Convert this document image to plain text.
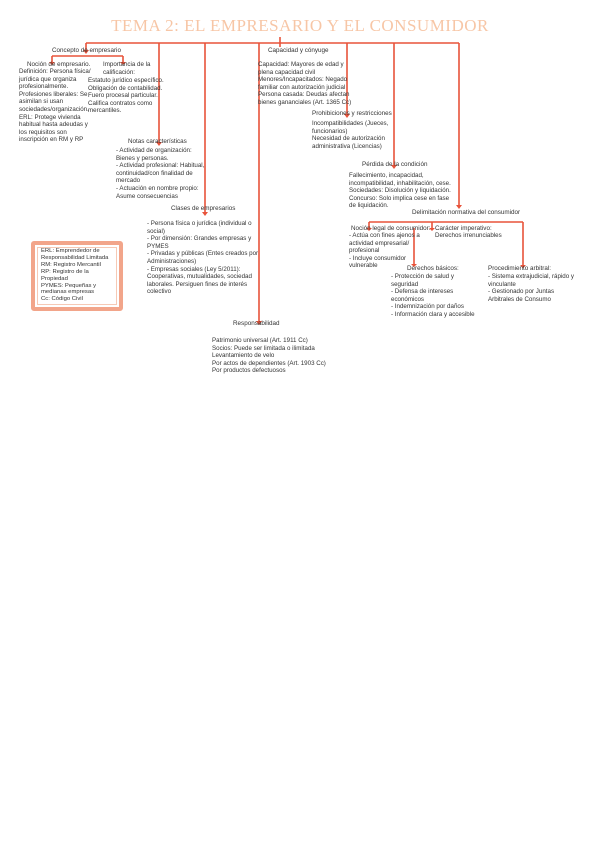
TEMA 2: EL EMPRESARIO Y EL CONSUMIDOR
Concepto de empresario
Noción de empresario.
Definición: Persona física/
jurídica que organiza
profesionalmente.
Profesiones liberales: Se
asimilan si usan
sociedades/organización.
ERL: Protege vivienda
habitual hasta adeudas y
los requisitos son
inscripción en RM y RP
Importancia de la
calificación:
Estatuto jurídico específico.
Obligación de contabilidad.
Fuero procesal particular.
Califica contratos como
mercantiles.
Capacidad y cónyuge
Capacidad: Mayores de edad y
plena capacidad civil
Menores/Incapacitados: Negado
familiar con autorización judicial
Persona casada: Deudas afectan
bienes gananciales (Art. 1365 Cc)
Notas características
- Actividad de organización:
Bienes y personas.
- Actividad profesional: Habitual,
continuidad/con finalidad de
mercado
- Actuación en nombre propio:
Asume consecuencias
Prohibiciones y restricciones
Incompatibilidades (Jueces,
funcionarios)
Necesidad de autorización
administrativa (Licencias)
Pérdida de la condición
Fallecimiento, incapacidad,
incompatibilidad, inhabilitación, cese.
Sociedades: Disolución y liquidación.
Concurso: Solo implica cese en fase
de liquidación.
Clases de empresarios
- Persona física o jurídica (individual o
social)
- Por dimensión: Grandes empresas y
PYMES
- Privadas y públicas (Entes creados por
Administraciones)
- Empresas sociales (Ley 5/2011):
Cooperativas, mutualidades, sociedad
laborales. Persiguen fines de interés
colectivo
Delimitación normativa del consumidor
Noción legal de consumidor:
- Actúa con fines ajenos a
actividad empresarial/
profesional
- Incluye consumidor
vulnerable
Carácter imperativo:
Derechos irrenunciables
Derechos básicos:
- Protección de salud y
seguridad
- Defensa de intereses
económicos
- Indemnización por daños
- Información clara y accesible
Procedimiento arbitral:
- Sistema extrajudicial, rápido y
vinculante
- Gestionado por Juntas
Arbitrales de Consumo
Responsabilidad
Patrimonio universal (Art. 1911 Cc)
Socios: Puede ser limitada o ilimitada
Levantamiento de velo
Por actos de dependientes (Art. 1903 Cc)
Por productos defectuosos
ERL: Emprendedor de
Responsabilidad Limitada
RM: Registro Mercantil
RP: Registro de la
Propiedad
PYMES: Pequeñas y
medianas empresas
Cc: Código Civil
